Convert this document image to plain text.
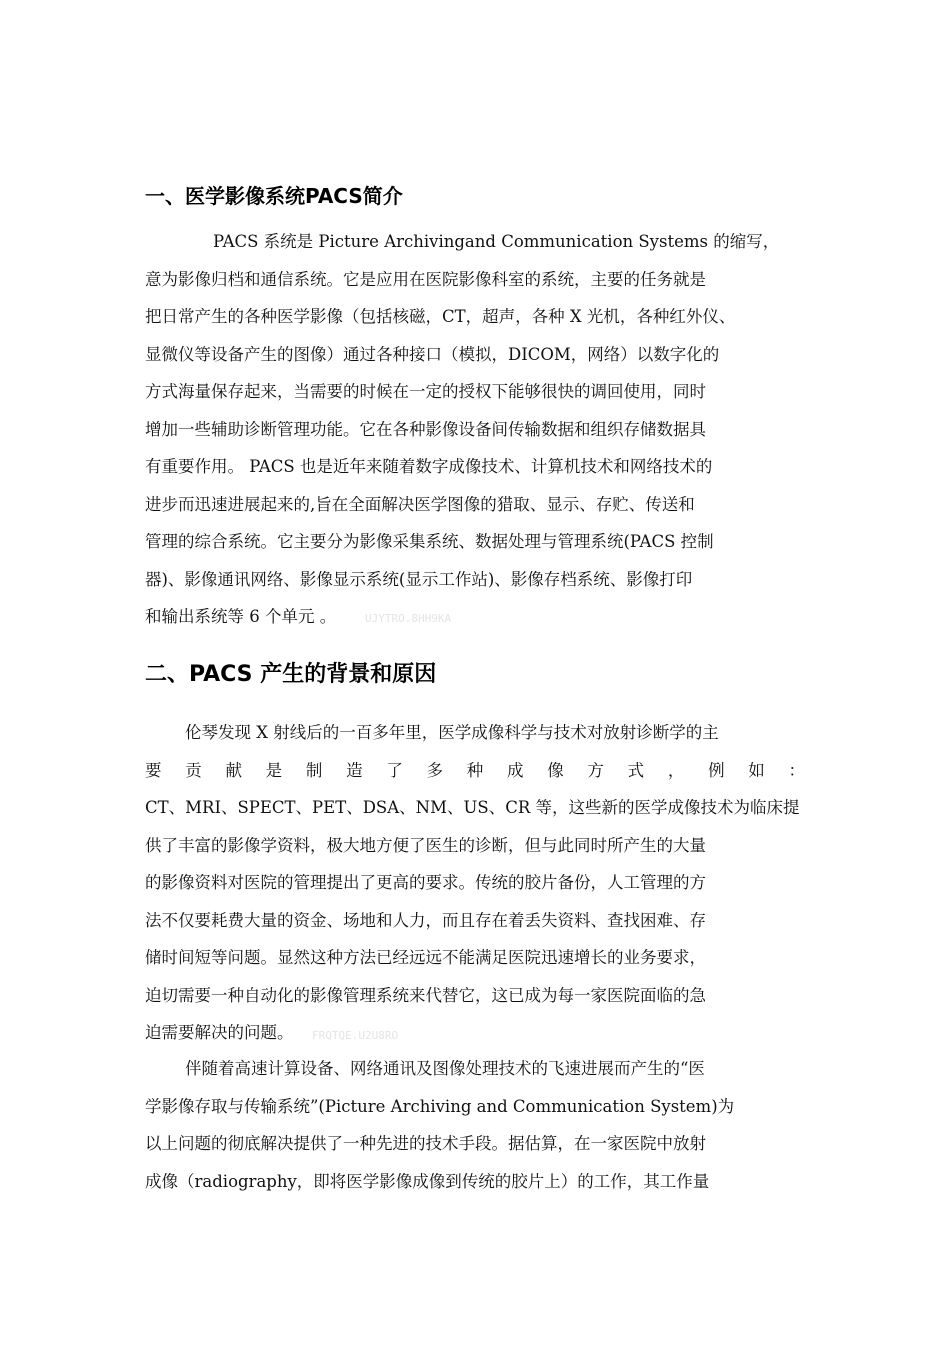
一、医学影像系统PACS简介
PACS 系统是 Picture Archivingand Communication Systems 的缩写，
意为影像归档和通信系统。它是应用在医院影像科室的系统，主要的任务就是
把日常产生的各种医学影像（包括核磁，CT，超声，各种 X 光机，各种红外仪、
显微仪等设备产生的图像）通过各种接口（模拟，DICOM，网络）以数字化的
方式海量保存起来，当需要的时候在一定的授权下能够很快的调回使用，同时
增加一些辅助诊断管理功能。它在各种影像设备间传输数据和组织存储数据具
有重要作用。 PACS 也是近年来随着数字成像技术、计算机技术和网络技术的
进步而迅速进展起来的,旨在全面解决医学图像的猎取、显示、存贮、传送和
管理的综合系统。它主要分为影像采集系统、数据处理与管理系统(PACS 控制
器)、影像通讯网络、影像显示系统(显示工作站)、影像存档系统、影像打印
和输出系统等 6 个单元 。	UJYTRO.8HH9KA
二、PACS 产生的背景和原因
伦琴发现 X 射线后的一百多年里，医学成像科学与技术对放射诊断学的主
要 贡 献 是 制 造 了 多 种 成 像 方 式 ， 例 如 ：
CT、MRI、SPECT、PET、DSA、NM、US、CR 等，这些新的医学成像技术为临床提
供了丰富的影像学资料，极大地方便了医生的诊断，但与此同时所产生的大量
的影像资料对医院的管理提出了更高的要求。传统的胶片备份，人工管理的方
法不仅要耗费大量的资金、场地和人力，而且存在着丢失资料、查找困难、存
储时间短等问题。显然这种方法已经远远不能满足医院迅速增长的业务要求，
迫切需要一种自动化的影像管理系统来代替它，这已成为每一家医院面临的急
迫需要解决的问题。	FRQTQE.U2U8RO
伴随着高速计算设备、网络通讯及图像处理技术的飞速进展而产生的“医
学影像存取与传输系统”(Picture Archiving and Communication System)为
以上问题的彻底解决提供了一种先进的技术手段。据估算，在一家医院中放射
成像（radiography，即将医学影像成像到传统的胶片上）的工作，其工作量
